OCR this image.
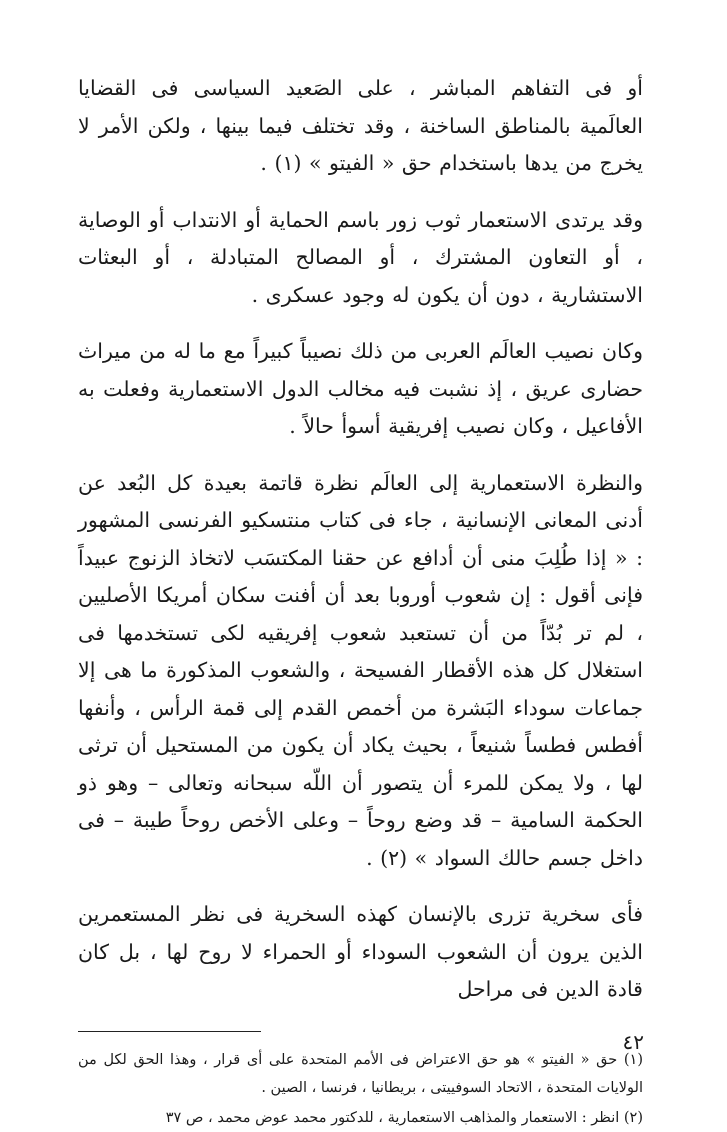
أو فى التفاهم المباشر ، على الصَعيد السياسى فى القضايا العالَمية بالمناطق الساخنة ، وقد تختلف فيما بينها ، ولكن الأمر لا يخرج من يدها باستخدام حق « الفيتو » (١) .

وقد يرتدى الاستعمار ثوب زور باسم الحماية أو الانتداب أو الوصاية ، أو التعاون المشترك ، أو المصالح المتبادلة ، أو البعثات الاستشارية ، دون أن يكون له وجود عسكرى .

وكان نصيب العالَم العربى من ذلك نصيباً كبيراً مع ما له من ميراث حضارى عريق ، إذ نشبت فيه مخالب الدول الاستعمارية وفعلت به الأفاعيل ، وكان نصيب إفريقية أسوأ حالاً .

والنظرة الاستعمارية إلى العالَم نظرة قاتمة بعيدة كل البُعد عن أدنى المعانى الإنسانية ، جاء فى كتاب منتسكيو الفرنسى المشهور : « إذا طُلِبَ منى أن أدافع عن حقنا المكتسَب لاتخاذ الزنوج عبيداً فإنى أقول : إن شعوب أوروبا بعد أن أفنت سكان أمريكا الأصليين ، لم تر بُدّاً من أن تستعبد شعوب إفريقيه لكى تستخدمها فى استغلال كل هذه الأقطار الفسيحة ، والشعوب المذكورة ما هى إلا جماعات سوداء البَشرة من أخمص القدم إلى قمة الرأس ، وأنفها أفطس فطساً شنيعاً ، بحيث يكاد أن يكون من المستحيل أن ترثى لها ، ولا يمكن للمرء أن يتصور أن اللّه سبحانه وتعالى – وهو ذو الحكمة السامية – قد وضع روحاً – وعلى الأخص روحاً طيبة – فى داخل جسم حالك السواد » (٢) .

فأى سخرية تزرى بالإنسان كهذه السخرية فى نظر المستعمرين الذين يرون أن الشعوب السوداء أو الحمراء لا روح لها ، بل كان قادة الدين فى مراحل

(١) حق « الفيتو » هو حق الاعتراض فى الأمم المتحدة على أى قرار ، وهذا الحق لكل من الولايات المتحدة ، الاتحاد السوفييتى ، بريطانيا ، فرنسا ، الصين .

(٢) انظر : الاستعمار والمذاهب الاستعمارية ، للدكتور محمد عوض محمد ، ص ٣٧

٤٢
